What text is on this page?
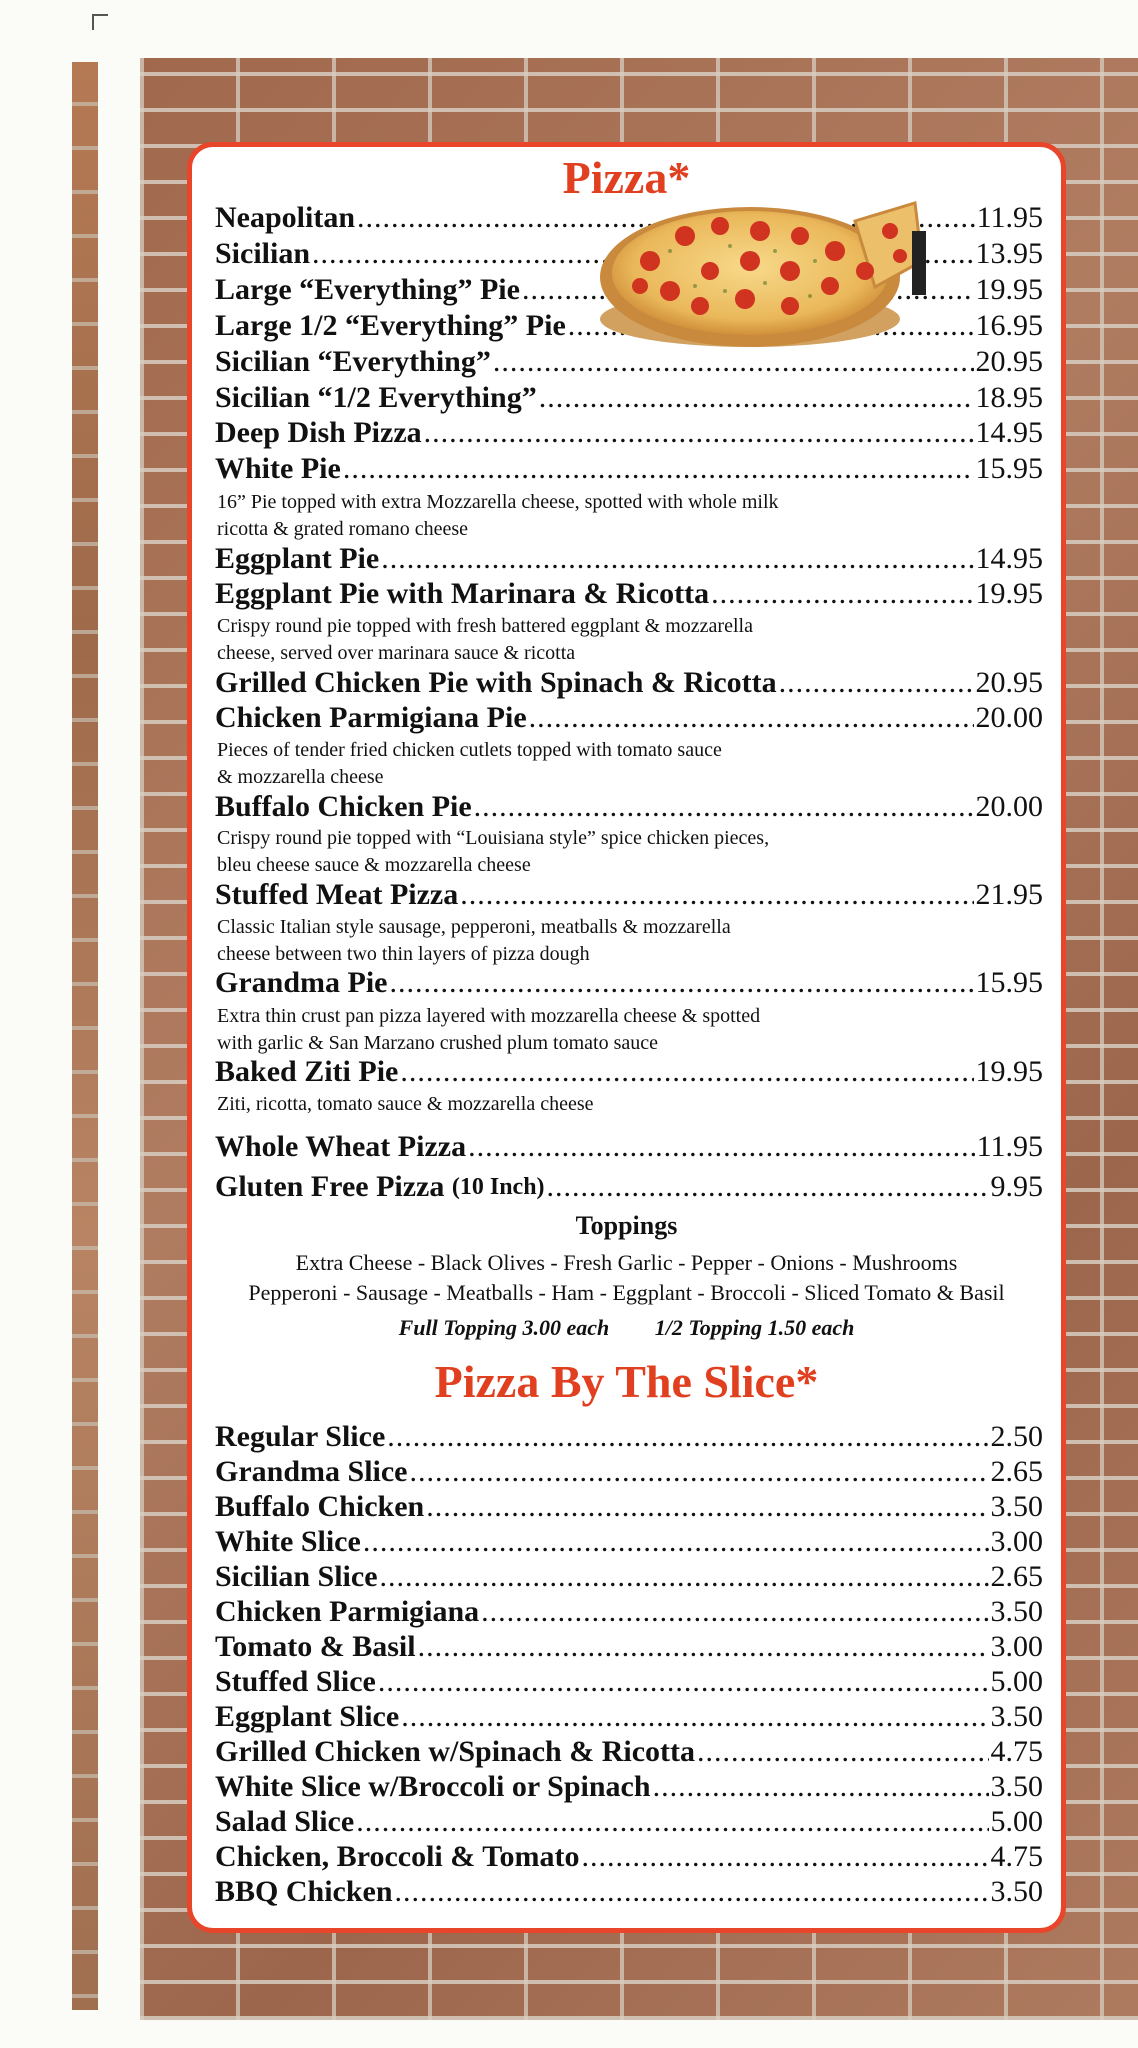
Pizza*
Neapolitan .....	11.95
Sicilian .....	13.95
Large “Everything” Pie .....	19.95
Large 1/2 “Everything” Pie .....	16.95
Sicilian “Everything” .....	20.95
Sicilian “1/2 Everything” .....	18.95
Deep Dish Pizza .....	14.95
White Pie .....	15.95
16” Pie topped with extra Mozzarella cheese, spotted with whole milk
ricotta & grated romano cheese
Eggplant Pie .....	14.95
Eggplant Pie with Marinara & Ricotta .....	19.95
Crispy round pie topped with fresh battered eggplant & mozzarella
cheese, served over marinara sauce & ricotta
Grilled Chicken Pie with Spinach & Ricotta .....	20.95
Chicken Parmigiana Pie .....	20.00
Pieces of tender fried chicken cutlets topped with tomato sauce
& mozzarella cheese
Buffalo Chicken Pie .....	20.00
Crispy round pie topped with “Louisiana style” spice chicken pieces,
bleu cheese sauce & mozzarella cheese
Stuffed Meat Pizza .....	21.95
Classic Italian style sausage, pepperoni, meatballs & mozzarella
cheese between two thin layers of pizza dough
Grandma Pie .....	15.95
Extra thin crust pan pizza layered with mozzarella cheese & spotted
with garlic & San Marzano crushed plum tomato sauce
Baked Ziti Pie .....	19.95
Ziti, ricotta, tomato sauce & mozzarella cheese
Whole Wheat Pizza .....	11.95
Gluten Free Pizza
(10 Inch) .....	9.95
Toppings
Extra Cheese - Black Olives - Fresh Garlic - Pepper - Onions - Mushrooms
Pepperoni - Sausage - Meatballs - Ham - Eggplant - Broccoli - Sliced Tomato & Basil
Full Topping 3.00 each 1/2 Topping 1.50 each
Pizza By The Slice*
Regular Slice .....	2.50
Grandma Slice .....	2.65
Buffalo Chicken .....	3.50
White Slice .....	3.00
Sicilian Slice .....	2.65
Chicken Parmigiana .....	3.50
Tomato & Basil .....	3.00
Stuffed Slice .....	5.00
Eggplant Slice .....	3.50
Grilled Chicken w/Spinach & Ricotta .....	4.75
White Slice w/Broccoli or Spinach .....	3.50
Salad Slice .....	5.00
Chicken, Broccoli & Tomato .....	4.75
BBQ Chicken .....	3.50
